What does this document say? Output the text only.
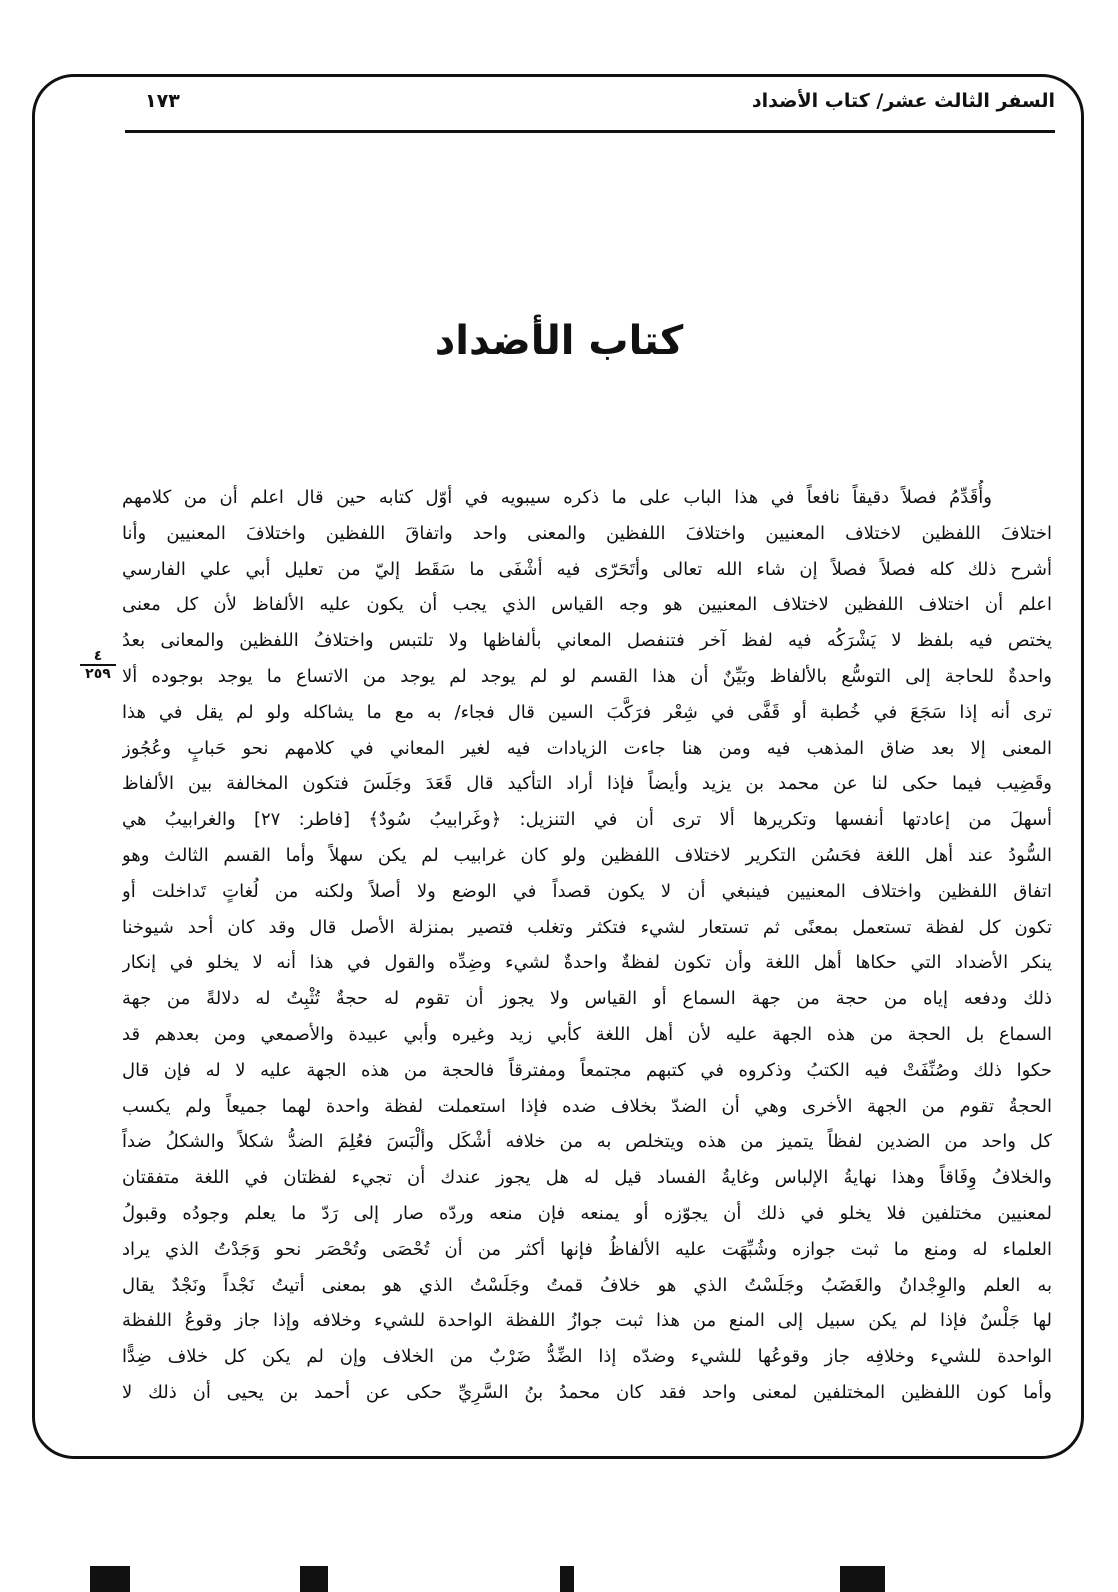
السفر الثالث عشر/ كتاب الأضداد
١٧٣
كتاب الأضداد
٤
٢٥٩
وأُقَدِّمُ فصلاً دقيقاً نافعاً في هذا الباب على ما ذكره سيبويه في أوّل كتابه حين قال اعلم أن من كلامهم
اختلافَ اللفظين لاختلاف المعنيين واختلافَ اللفظين والمعنى واحد واتفاقَ اللفظين واختلافَ المعنيين وأنا
أشرح ذلك كله فصلاً فصلاً إن شاء الله تعالى وأتَحَرّى فيه أشْفَى ما سَقَط إليّ من تعليل أبي علي الفارسي
اعلم أن اختلاف اللفظين لاختلاف المعنيين هو وجه القياس الذي يجب أن يكون عليه الألفاظ لأن كل معنى
يختص فيه بلفظ لا يَشْرَكُه فيه لفظ آخر فتنفصل المعاني بألفاظها ولا تلتبس واختلافُ اللفظين والمعانى بعدُ
واحدةٌ للحاجة إلى التوسُّع بالألفاظ وبَيِّنٌ أن هذا القسم لو لم يوجد لم يوجد من الاتساع ما يوجد بوجوده ألا
ترى أنه إذا سَجَعَ في خُطبة أو قَفَّى في شِعْر فرَكَّبَ السين قال فجاء/ به مع ما يشاكله ولو لم يقل في هذا
المعنى إلا بعد ضاق المذهب فيه ومن هنا جاءت الزيادات فيه لغير المعاني في كلامهم نحو حَبابٍ وعُجُوز
وقَضِيب فيما حكى لنا عن محمد بن يزيد وأيضاً فإذا أراد التأكيد قال قَعَدَ وجَلَسَ فتكون المخالفة بين الألفاظ
أسهلَ من إعادتها أنفسها وتكريرها ألا ترى أن في التنزيل: ﴿وغَرابيبُ سُودٌ﴾ [فاطر: ٢٧] والغرابيبُ هي
السُّودُ عند أهل اللغة فحَسُن التكرير لاختلاف اللفظين ولو كان غرابيب لم يكن سهلاً وأما القسم الثالث وهو
اتفاق اللفظين واختلاف المعنيين فينبغي أن لا يكون قصداً في الوضع ولا أصلاً ولكنه من لُغاتٍ تَداخلت أو
تكون كل لفظة تستعمل بمعنًى ثم تستعار لشيء فتكثر وتغلب فتصير بمنزلة الأصل قال وقد كان أحد شيوخنا
ينكر الأضداد التي حكاها أهل اللغة وأن تكون لفظةٌ واحدةٌ لشيء وضِدِّه والقول في هذا أنه لا يخلو في إنكار
ذلك ودفعه إياه من حجة من جهة السماع أو القياس ولا يجوز أن تقوم له حجةٌ تُثْبِتُ له دلالةً من جهة
السماع بل الحجة من هذه الجهة عليه لأن أهل اللغة كأبي زيد وغيره وأبي عبيدة والأصمعي ومن بعدهم قد
حكوا ذلك وصُنِّفَتْ فيه الكتبُ وذكروه في كتبهم مجتمعاً ومفترقاً فالحجة من هذه الجهة عليه لا له فإن قال
الحجةُ تقوم من الجهة الأخرى وهي أن الضدّ بخلاف ضده فإذا استعملت لفظة واحدة لهما جميعاً ولم يكسب
كل واحد من الضدين لفظاً يتميز من هذه ويتخلص به من خلافه أشْكَل وألْبَسَ فعُلِمَ الضدُّ شكلاً والشكلُ ضداً
والخلافُ وِفَاقاً وهذا نهايةُ الإلباس وغايةُ الفساد قيل له هل يجوز عندك أن تجيء لفظتان في اللغة متفقتان
لمعنيين مختلفين فلا يخلو في ذلك أن يجوّزه أو يمنعه فإن منعه وردّه صار إلى رَدّ ما يعلم وجودُه وقبولُ
العلماء له ومنع ما ثبت جوازه وشُبِّهَت عليه الألفاظُ فإنها أكثر من أن تُحْصَى وتُحْصَر نحو وَجَدْتُ الذي يراد
به العلم والوِجْدانُ والغَضَبُ وجَلَسْتُ الذي هو خلافُ قمتُ وجَلَسْتُ الذي هو بمعنى أتيتُ نَجْداً ونَجْدٌ يقال
لها جَلْسٌ فإذا لم يكن سبيل إلى المنع من هذا ثبت جوازُ اللفظة الواحدة للشيء وخلافه وإذا جاز وقوعُ اللفظة
الواحدة للشيء وخلافِه جاز وقوعُها للشيء وضدّه إذا الضِّدُّ ضَرْبٌ من الخلاف وإن لم يكن كل خلاف ضِدًّا
وأما كون اللفظين المختلفين لمعنى واحد فقد كان محمدُ بنُ السَّرِيِّ حكى عن أحمد بن يحيى أن ذلك لا
